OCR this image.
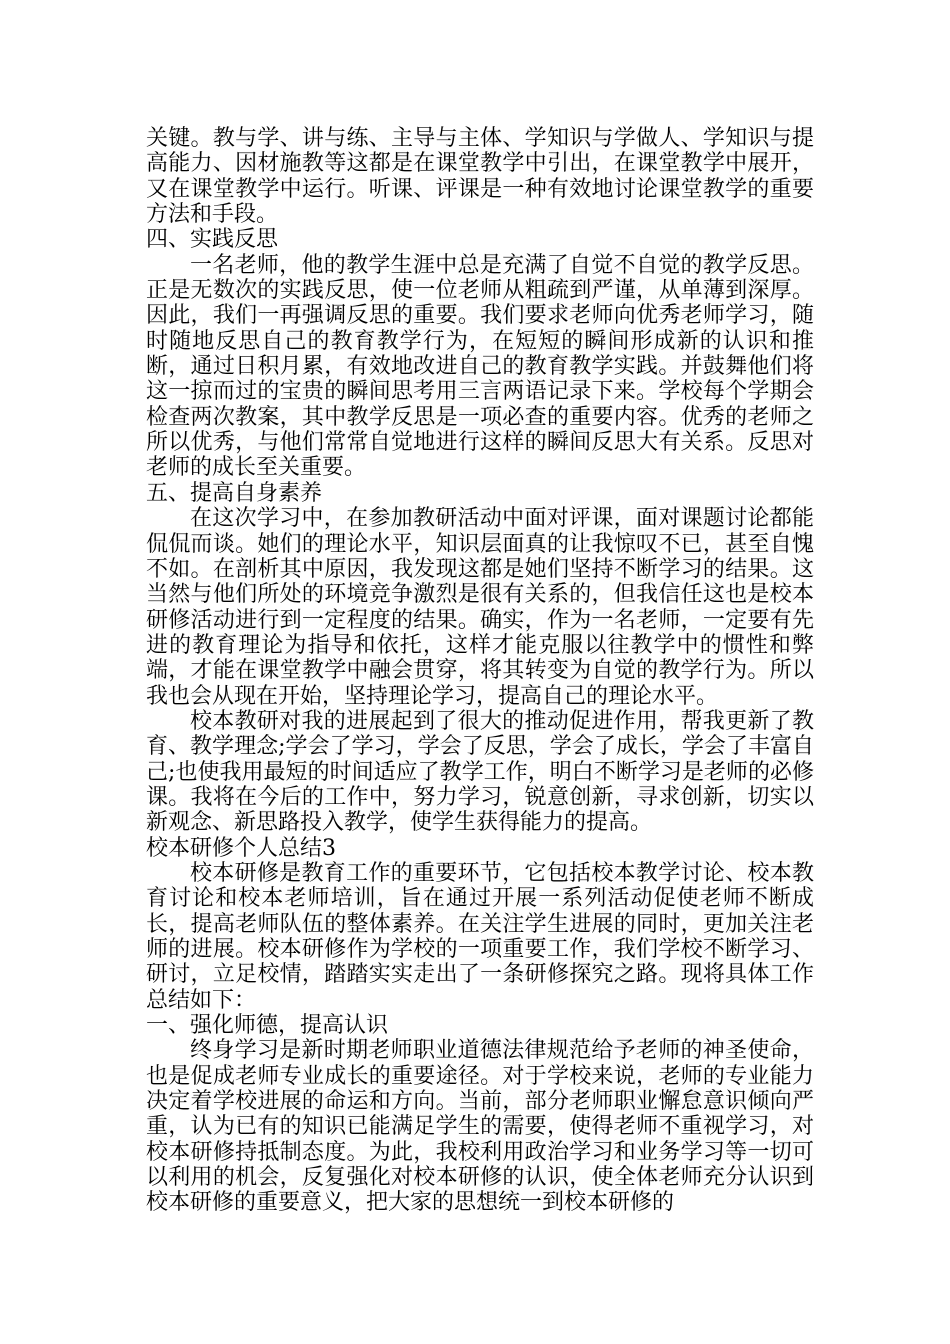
关键。教与学、讲与练、主导与主体、学知识与学做人、学知识与提高能力、因材施教等这都是在课堂教学中引出，在课堂教学中展开，又在课堂教学中运行。听课、评课是一种有效地讨论课堂教学的重要方法和手段。

四、实践反思

一名老师，他的教学生涯中总是充满了自觉不自觉的教学反思。正是无数次的实践反思，使一位老师从粗疏到严谨，从单薄到深厚。因此，我们一再强调反思的重要。我们要求老师向优秀老师学习，随时随地反思自己的教育教学行为，在短短的瞬间形成新的认识和推断，通过日积月累，有效地改进自己的教育教学实践。并鼓舞他们将这一掠而过的宝贵的瞬间思考用三言两语记录下来。学校每个学期会检查两次教案，其中教学反思是一项必查的重要内容。优秀的老师之所以优秀，与他们常常自觉地进行这样的瞬间反思大有关系。反思对老师的成长至关重要。

五、提高自身素养

在这次学习中，在参加教研活动中面对评课，面对课题讨论都能侃侃而谈。她们的理论水平，知识层面真的让我惊叹不已，甚至自愧不如。在剖析其中原因，我发现这都是她们坚持不断学习的结果。这当然与他们所处的环境竞争激烈是很有关系的，但我信任这也是校本研修活动进行到一定程度的结果。确实，作为一名老师，一定要有先进的教育理论为指导和依托，这样才能克服以往教学中的惯性和弊端，才能在课堂教学中融会贯穿，将其转变为自觉的教学行为。所以我也会从现在开始，坚持理论学习，提高自己的理论水平。

校本教研对我的进展起到了很大的推动促进作用，帮我更新了教育、教学理念;学会了学习，学会了反思，学会了成长，学会了丰富自己;也使我用最短的时间适应了教学工作，明白不断学习是老师的必修课。我将在今后的工作中，努力学习，锐意创新，寻求创新，切实以新观念、新思路投入教学，使学生获得能力的提高。

校本研修个人总结3

校本研修是教育工作的重要环节，它包括校本教学讨论、校本教育讨论和校本老师培训，旨在通过开展一系列活动促使老师不断成长，提高老师队伍的整体素养。在关注学生进展的同时，更加关注老师的进展。校本研修作为学校的一项重要工作，我们学校不断学习、研讨，立足校情，踏踏实实走出了一条研修探究之路。现将具体工作总结如下：

一、强化师德，提高认识

终身学习是新时期老师职业道德法律规范给予老师的神圣使命，也是促成老师专业成长的重要途径。对于学校来说，老师的专业能力决定着学校进展的命运和方向。当前，部分老师职业懈怠意识倾向严重，认为已有的知识已能满足学生的需要，使得老师不重视学习，对校本研修持抵制态度。为此，我校利用政治学习和业务学习等一切可以利用的机会，反复强化对校本研修的认识，使全体老师充分认识到校本研修的重要意义，把大家的思想统一到校本研修的
